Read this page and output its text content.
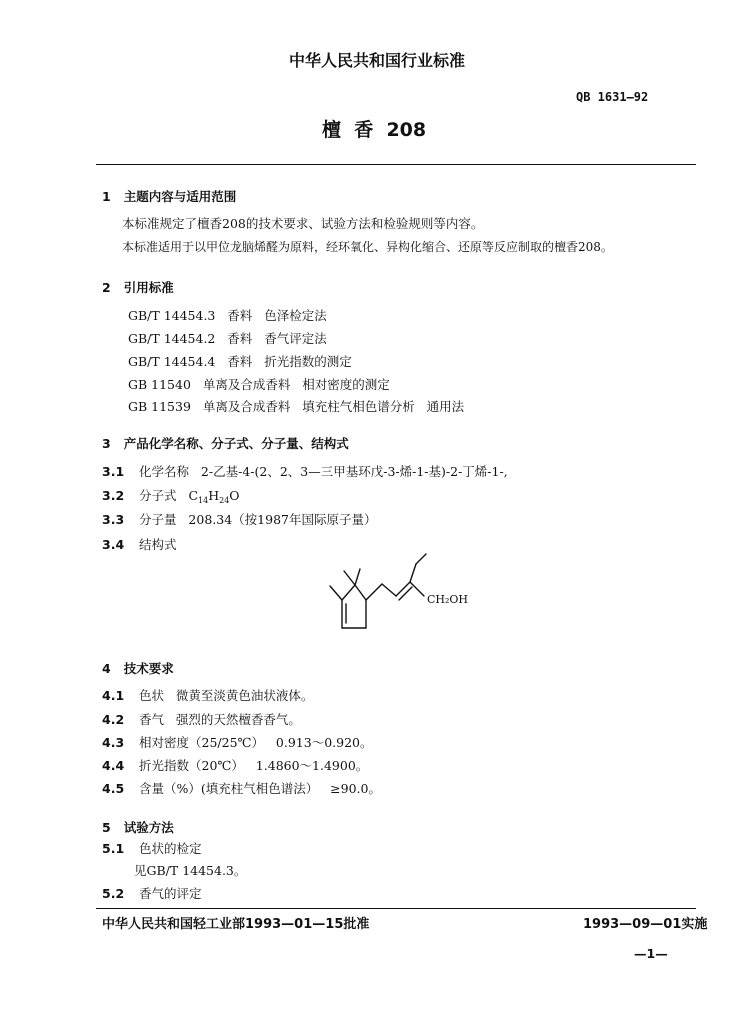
中华人民共和国行业标准
QB 1631—92
檀  香  208
1   主题内容与适用范围
本标准规定了檀香208的技术要求、试验方法和检验规则等内容。
本标准适用于以甲位龙脑烯醛为原料，经环氧化、异构化缩合、还原等反应制取的檀香208。
2   引用标准
GB/T 14454.3   香料   色泽检定法
GB/T 14454.2   香料   香气评定法
GB/T 14454.4   香料   折光指数的测定
GB 11540   单离及合成香料   相对密度的测定
GB 11539   单离及合成香料   填充柱气相色谱分析   通用法
3   产品化学名称、分子式、分子量、结构式
3.1 化学名称   2-乙基-4-(2、2、3—三甲基环戊-3-烯-1-基)-2-丁烯-1-,
3.2 分子式 $C_{14}H_{24}O$
3.3 分子量   208.34（按1987年国际原子量）
3.4 结构式
CH₂OH
4   技术要求
4.1 色状   微黄至淡黄色油状液体。
4.2 香气   强烈的天然檀香香气。
4.3 相对密度（25/25℃）   0.913～0.920。
4.4 折光指数（20℃）   1.4860～1.4900。
4.5 含量（%）(填充柱气相色谱法）   ≥90.0。
5   试验方法
5.1 色状的检定
见GB/T 14454.3。
5.2 香气的评定
中华人民共和国轻工业部1993—01—15批准	1993—09—01实施
—1—
